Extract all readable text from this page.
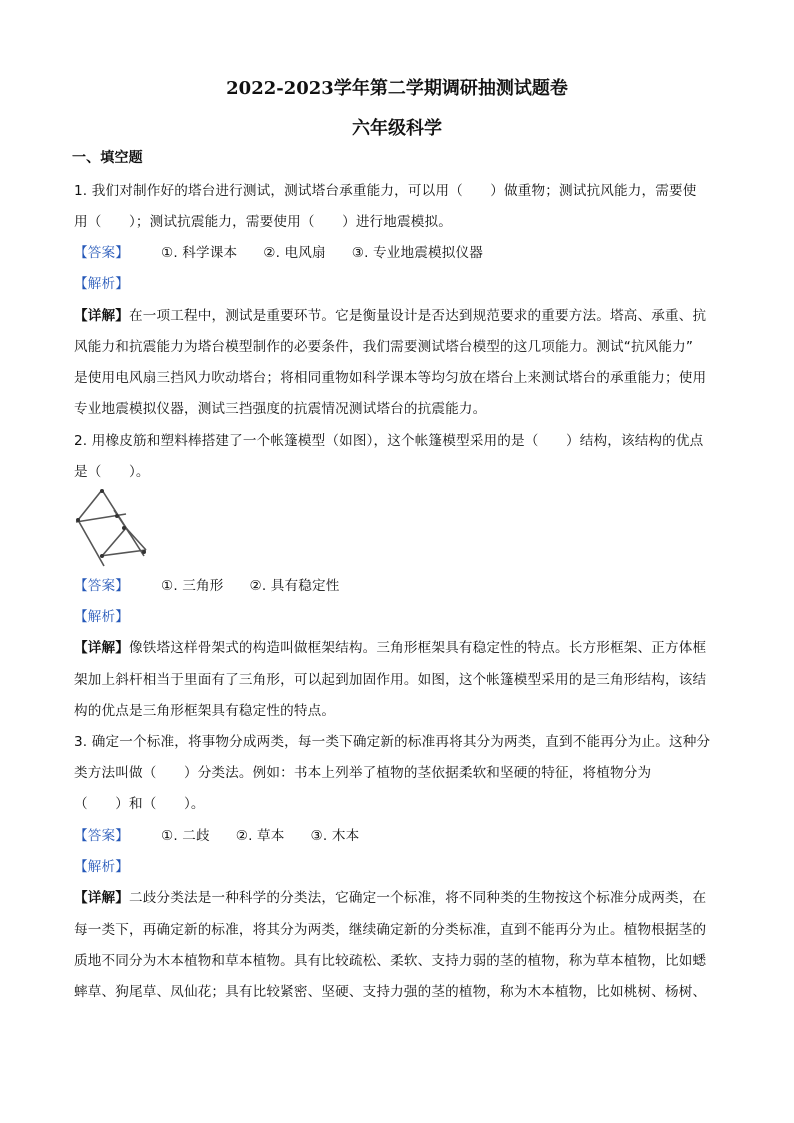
2022-2023学年第二学期调研抽测试题卷
六年级科学
一、填空题
1. 我们对制作好的塔台进行测试，测试塔台承重能力，可以用（　　）做重物；测试抗风能力，需要使
用（　　）；测试抗震能力，需要使用（　　）进行地震模拟。
【答案】 ①. 科学课本 ②. 电风扇 ③. 专业地震模拟仪器
【解析】
【详解】在一项工程中，测试是重要环节。它是衡量设计是否达到规范要求的重要方法。塔高、承重、抗
风能力和抗震能力为塔台模型制作的必要条件，我们需要测试塔台模型的这几项能力。测试“抗风能力”
是使用电风扇三挡风力吹动塔台；将相同重物如科学课本等均匀放在塔台上来测试塔台的承重能力；使用
专业地震模拟仪器，测试三挡强度的抗震情况测试塔台的抗震能力。
2. 用橡皮筋和塑料棒搭建了一个帐篷模型（如图），这个帐篷模型采用的是（　　）结构，该结构的优点
是（　　）。
【答案】 ①. 三角形 ②. 具有稳定性
【解析】
【详解】像铁塔这样骨架式的构造叫做框架结构。三角形框架具有稳定性的特点。长方形框架、正方体框
架加上斜杆相当于里面有了三角形，可以起到加固作用。如图，这个帐篷模型采用的是三角形结构，该结
构的优点是三角形框架具有稳定性的特点。
3. 确定一个标准，将事物分成两类，每一类下确定新的标准再将其分为两类，直到不能再分为止。这种分
类方法叫做（　　）分类法。例如：书本上列举了植物的茎依据柔软和坚硬的特征，将植物分为
（　　）和（　　）。
【答案】 ①. 二歧 ②. 草本 ③. 木本
【解析】
【详解】二歧分类法是一种科学的分类法，它确定一个标准，将不同种类的生物按这个标准分成两类，在
每一类下，再确定新的标准，将其分为两类，继续确定新的分类标准，直到不能再分为止。植物根据茎的
质地不同分为木本植物和草本植物。具有比较疏松、柔软、支持力弱的茎的植物，称为草本植物，比如蟋
蟀草、狗尾草、凤仙花；具有比较紧密、坚硬、支持力强的茎的植物，称为木本植物，比如桃树、杨树、
